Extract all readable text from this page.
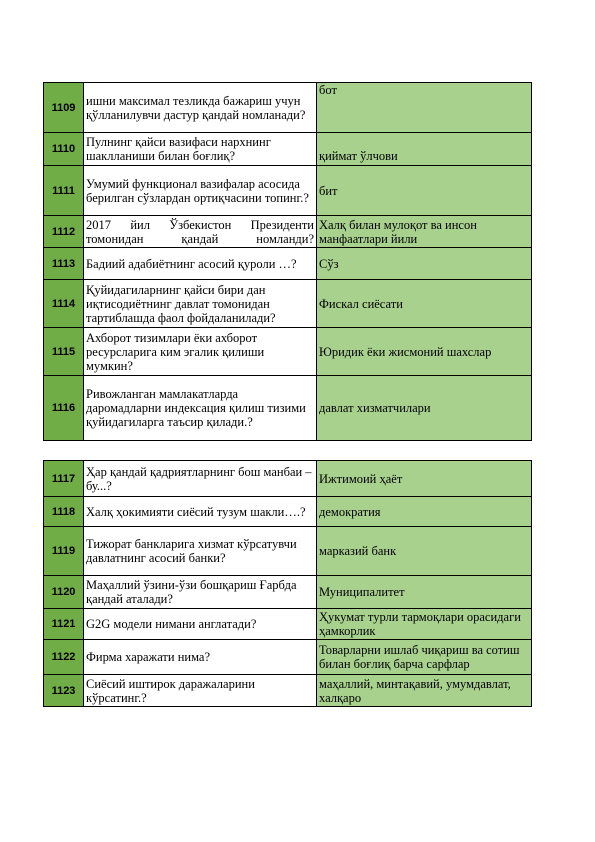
1109	ишни максимал тезликда бажариш учун қўлланилувчи дастур қандай номланади?	бот
1110	Пулнинг қайси вазифаси нархнинг шаклланиши билан боғлиқ?	қиймат ўлчови
1111	Умумий функционал вазифалар асосида берилган сўзлардан ортиқчасини топинг.?	бит
1112	2017 йил Ўзбекистон Президенти томонидан қандай номланди?	Халқ билан мулоқот ва инсон манфаатлари йили
1113	Бадиий адабиётнинг асосий қуроли …?	Сўз
1114	Қуйидагиларнинг қайси бири дан иқтисодиётнинг давлат томонидан тартиблашда фаол фойдаланилади?	Фискал сиёсати
1115	Ахборот тизимлари ёки ахборот ресурсларига ким эгалик қилиши мумкин?	Юридик ёки жисмоний шахслар
1116	Ривожланган мамлакатларда даромадларни индексация қилиш тизими қуйидагиларга таъсир қилади.?	давлат хизматчилари
1117	Ҳар қандай қадриятларнинг бош манбаи – бу...?	Ижтимоий ҳаёт
1118	Халқ ҳокимияти сиёсий тузум шакли….?	демократия
1119	Тижорат банкларига хизмат кўрсатувчи давлатнинг асосий банки?	марказий банк
1120	Маҳаллий ўзини-ўзи бошқариш Ғарбда қандай аталади?	Муниципалитет
1121	G2G модели нимани англатади?	Ҳукумат турли тармоқлари орасидаги ҳамкорлик
1122	Фирма харажати нима?	Товарларни ишлаб чиқариш ва сотиш билан боғлиқ барча сарфлар
1123	Сиёсий иштирок даражаларини кўрсатинг.?	маҳаллий, минтақавий, умумдавлат, халқаро
